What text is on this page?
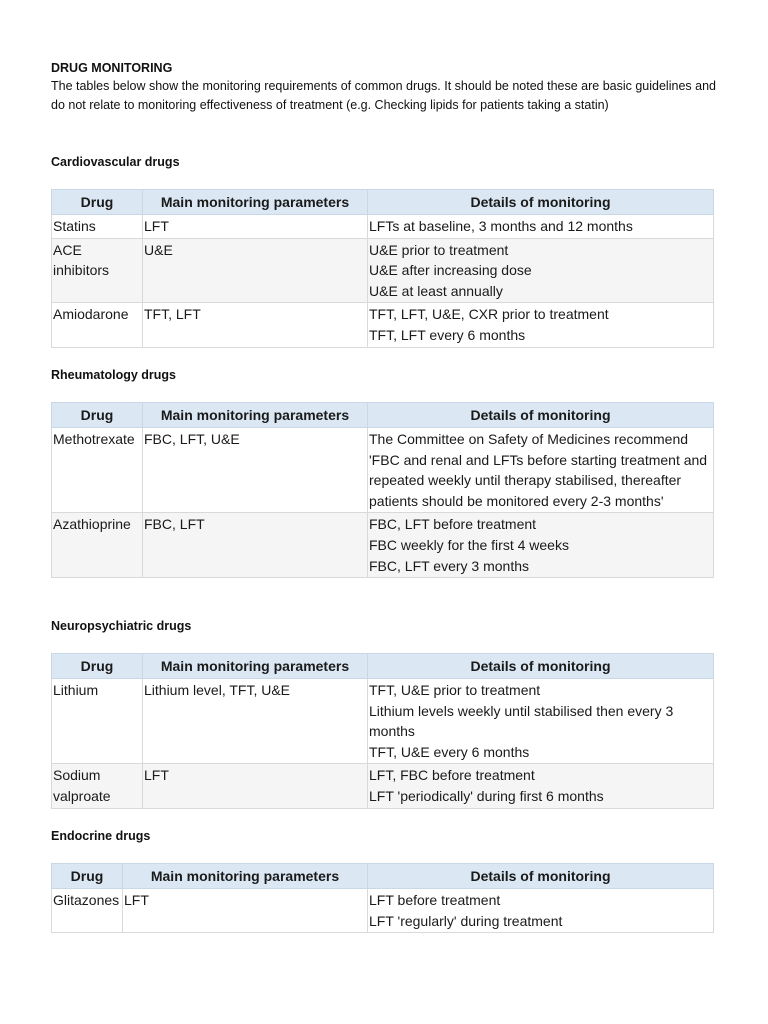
DRUG MONITORING
The tables below show the monitoring requirements of common drugs. It should be noted these are basic guidelines and do not relate to monitoring effectiveness of treatment (e.g. Checking lipids for patients taking a statin)
Cardiovascular drugs
Drug	Main monitoring parameters	Details of monitoring
Statins	LFT	LFTs at baseline, 3 months and 12 months

ACE inhibitors	U&E	U&E prior to treatment
U&E after increasing dose
U&E at least annually

Amiodarone	TFT, LFT	TFT, LFT, U&E, CXR prior to treatment
TFT, LFT every 6 months
Rheumatology drugs
Drug	Main monitoring parameters	Details of monitoring
Methotrexate	FBC, LFT, U&E	The Committee on Safety of Medicines recommend 'FBC and renal and LFTs before starting treatment and repeated weekly until therapy stabilised, thereafter patients should be monitored every 2-3 months'

Azathioprine	FBC, LFT	FBC, LFT before treatment
FBC weekly for the first 4 weeks
FBC, LFT every 3 months
Neuropsychiatric drugs
Drug	Main monitoring parameters	Details of monitoring
Lithium	Lithium level, TFT, U&E	TFT, U&E prior to treatment
Lithium levels weekly until stabilised then every 3 months
TFT, U&E every 6 months

Sodium valproate	LFT	LFT, FBC before treatment
LFT 'periodically' during first 6 months
Endocrine drugs
Drug	Main monitoring parameters	Details of monitoring
Glitazones	LFT	LFT before treatment
LFT 'regularly' during treatment
